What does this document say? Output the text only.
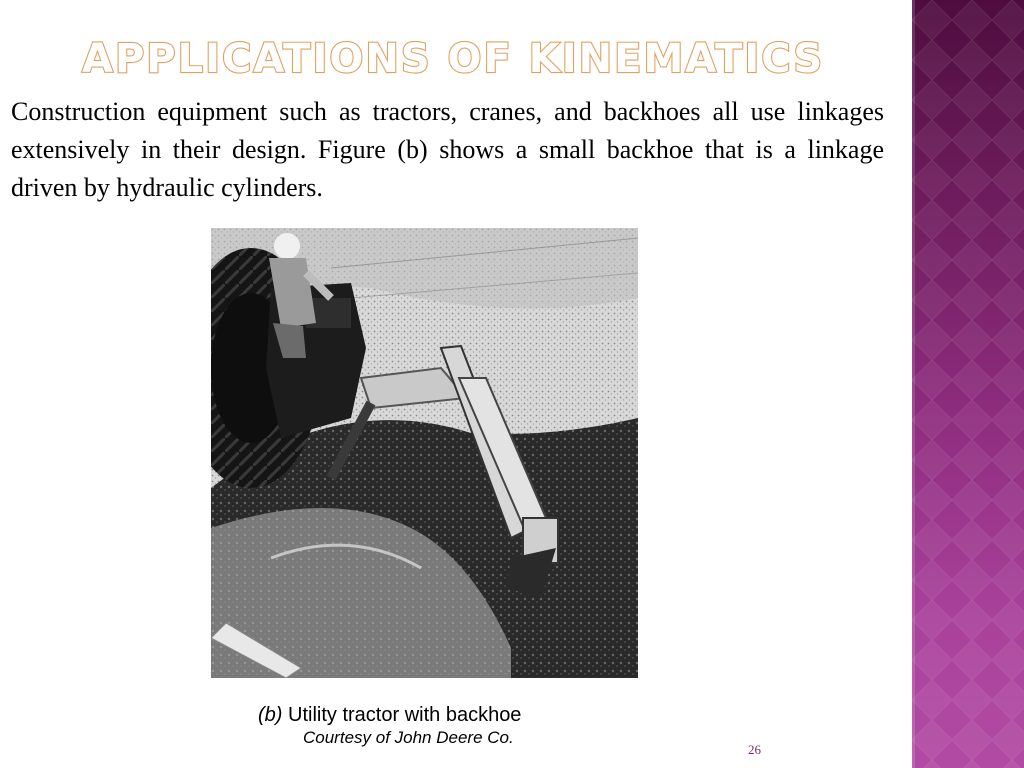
APPLICATIONS OF KINEMATICS

Construction equipment such as tractors, cranes, and backhoes all use linkages extensively in their design. Figure (b) shows a small backhoe that is a linkage driven by hydraulic cylinders.

(b) Utility tractor with backhoe
Courtesy of John Deere Co.
26
